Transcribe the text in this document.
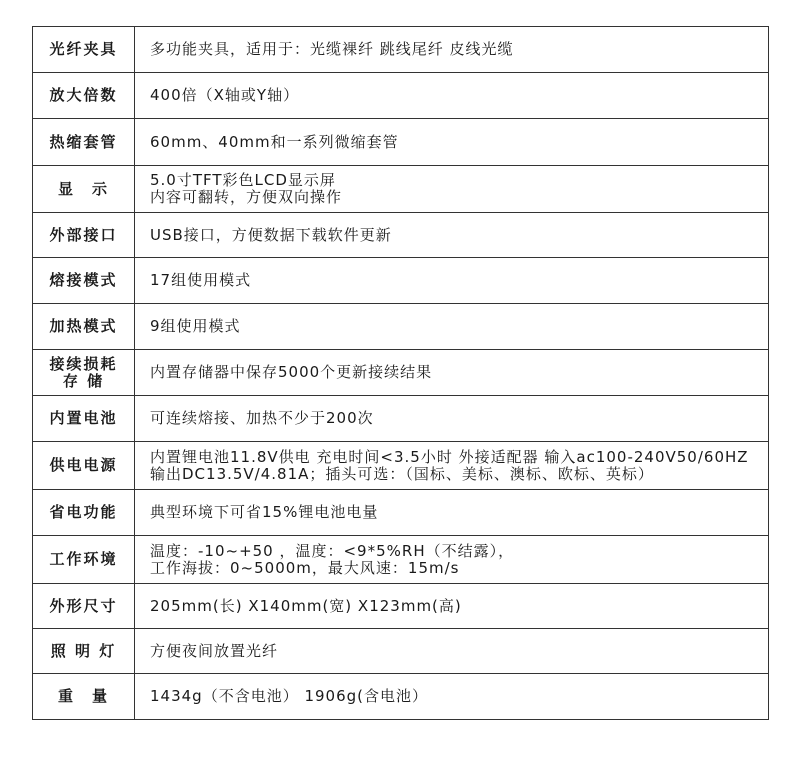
光纤夹具	多功能夹具，适用于：光缆裸纤 跳线尾纤 皮线光缆

放大倍数	400倍（X轴或Y轴）

热缩套管	60mm、40mm和一系列微缩套管

显　示	5.0寸TFT彩色LCD显示屏
内容可翻转，方便双向操作

外部接口	USB接口，方便数据下载软件更新

熔接模式	17组使用模式

加热模式	9组使用模式

接续损耗
存 储	内置存储器中保存5000个更新接续结果

内置电池	可连续熔接、加热不少于200次

供电电源	内置锂电池11.8V供电 充电时间<3.5小时 外接适配器 输入ac100-240V50/60HZ
输出DC13.5V/4.81A；插头可选：（国标、美标、澳标、欧标、英标）

省电功能	典型环境下可省15%锂电池电量

工作环境	温度：-10~+50 ，温度：<9*5%RH（不结露），
工作海拔：0~5000m，最大风速：15m/s

外形尺寸	205mm(长) X140mm(宽) X123mm(高)

照 明 灯	方便夜间放置光纤

重　量	1434g（不含电池） 1906g(含电池）
